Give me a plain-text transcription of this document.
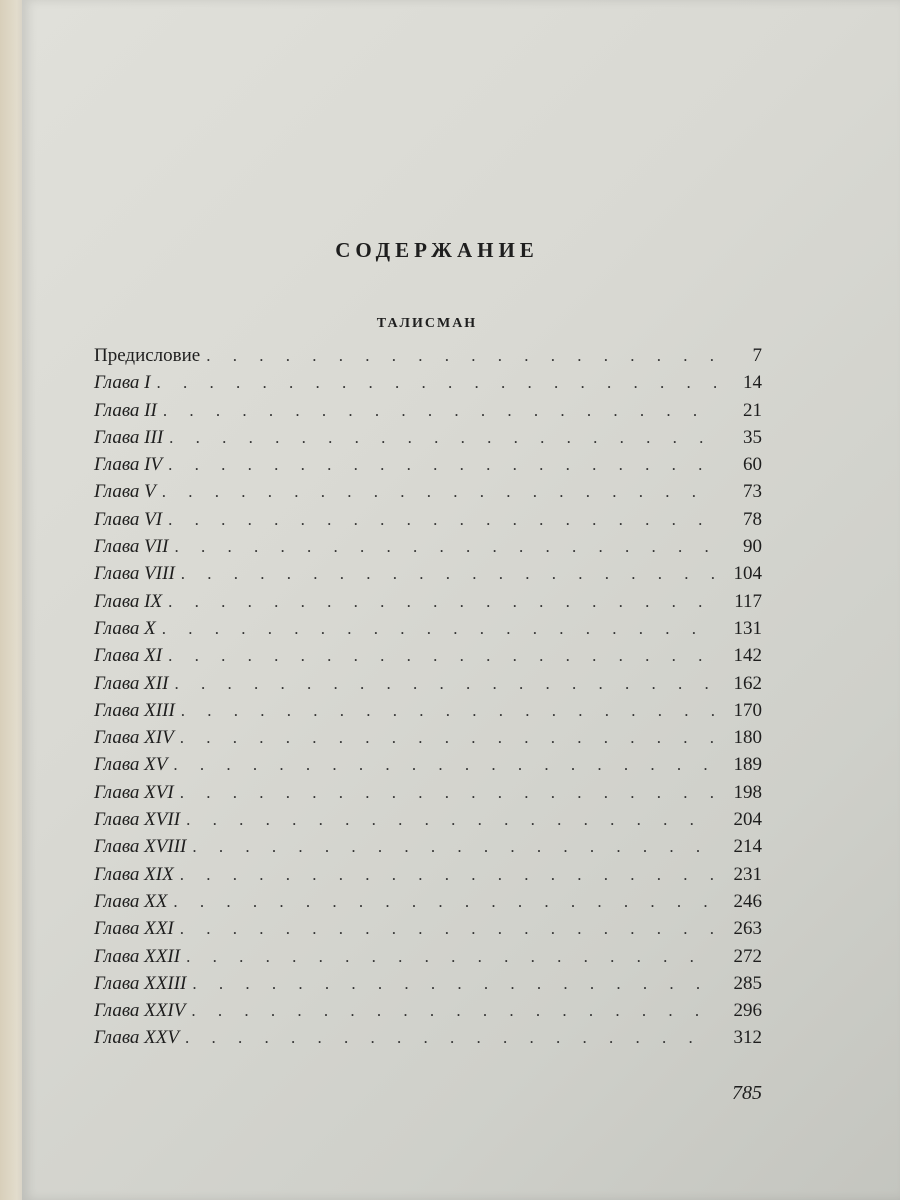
СОДЕРЖАНИЕ
ТАЛИСМАН
Предисловие . . .	7
Глава I . . .	14
Глава II . . .	21
Глава III . . .	35
Глава IV . . .	60
Глава V . . .	73
Глава VI . . .	78
Глава VII . . .	90
Глава VIII . . .	104
Глава IX . . .	117
Глава X . . .	131
Глава XI . . .	142
Глава XII . . .	162
Глава XIII . . .	170
Глава XIV . . .	180
Глава XV . . .	189
Глава XVI . . .	198
Глава XVII . . .	204
Глава XVIII . . .	214
Глава XIX . . .	231
Глава XX . . .	246
Глава XXI . . .	263
Глава XXII . . .	272
Глава XXIII . . .	285
Глава XXIV . . .	296
Глава XXV . . .	312
785
